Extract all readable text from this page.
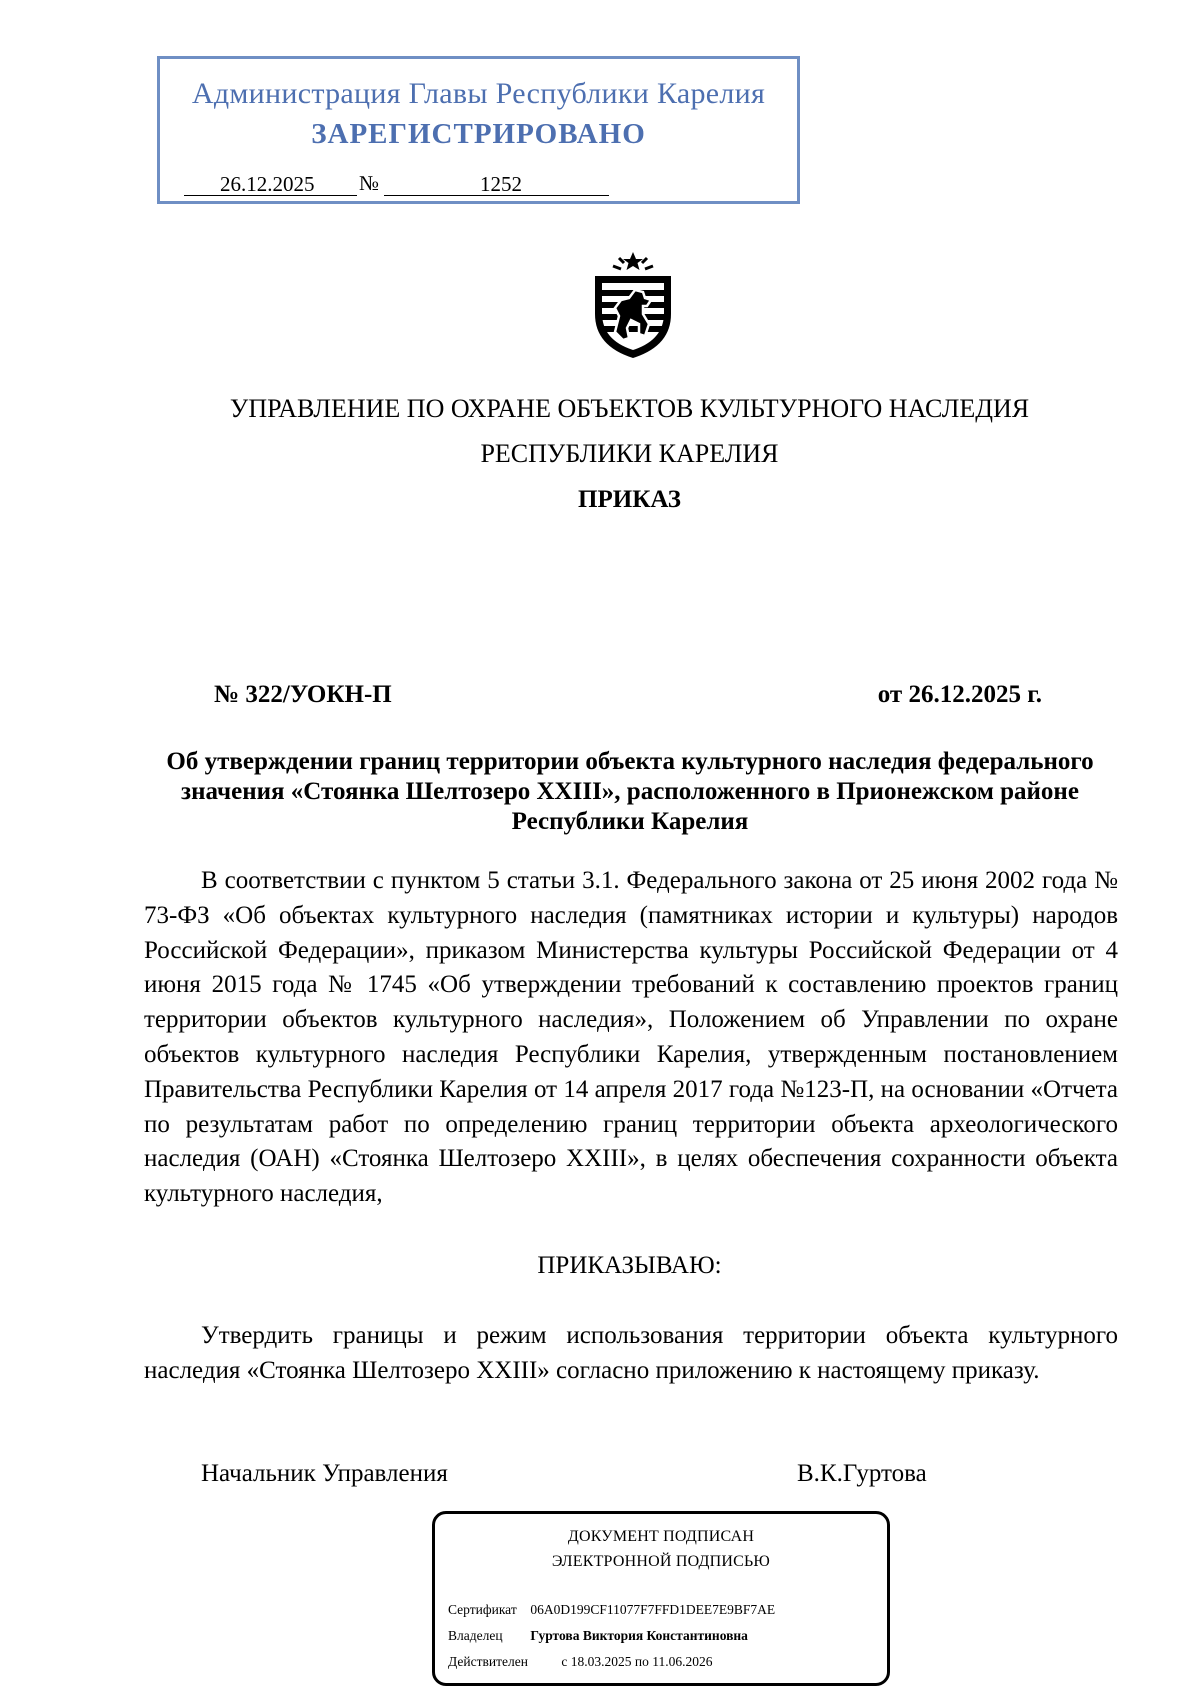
Администрация Главы Республики Карелия
ЗАРЕГИСТРИРОВАНО
26.12.2025 №	1252
УПРАВЛЕНИЕ ПО ОХРАНЕ ОБЪЕКТОВ КУЛЬТУРНОГО НАСЛЕДИЯ
РЕСПУБЛИКИ КАРЕЛИЯ
ПРИКАЗ
№ 322/УОКН-П	от 26.12.2025 г.
Об утверждении границ территории объекта культурного наследия федерального значения «Стоянка Шелтозеро XXIII», расположенного в Прионежском районе Республики Карелия

В соответствии с пунктом 5 статьи 3.1. Федерального закона от 25 июня 2002 года № 73-ФЗ «Об объектах культурного наследия (памятниках истории и культуры) народов Российской Федерации», приказом Министерства культуры Российской Федерации от 4 июня 2015 года № 1745 «Об утверждении требований к составлению проектов границ территории объектов культурного наследия», Положением об Управлении по охране объектов культурного наследия Республики Карелия, утвержденным постановлением Правительства Республики Карелия от 14 апреля 2017 года №123-П, на основании «Отчета по результатам работ по определению границ территории объекта археологического наследия (ОАН) «Стоянка Шелтозеро XXIII», в целях обеспечения сохранности объекта культурного наследия,

ПРИКАЗЫВАЮ:

Утвердить границы и режим использования территории объекта культурного наследия «Стоянка Шелтозеро XXIII» согласно приложению к настоящему приказу.

Начальник Управления	В.К.Гуртова
ДОКУМЕНТ ПОДПИСАН
ЭЛЕКТРОННОЙ ПОДПИСЬЮ
Сертификат 06A0D199CF11077F7FFD1DEE7E9BF7AE
Владелец Гуртова Виктория Константиновна
Действителен с 18.03.2025 по 11.06.2026
